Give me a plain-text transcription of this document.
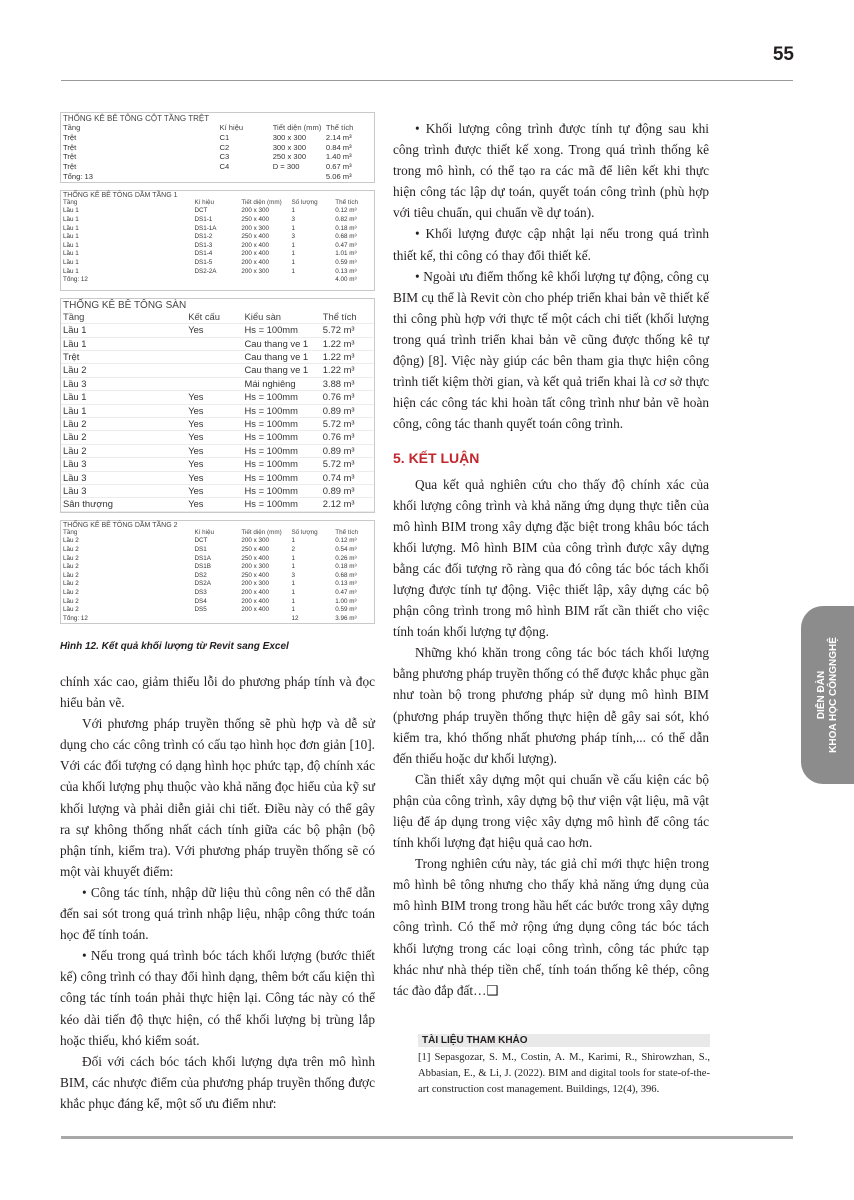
55
THỐNG KÊ BÊ TÔNG CỘT TẦNG TRỆT
Tầng	Kí hiệu	Tiết diện (mm)	Thể tích
Trệt	C1	300 x 300	2.14 m³
Trệt	C2	300 x 300	0.84 m³
Trệt	C3	250 x 300	1.40 m³
Trệt	C4	D = 300	0.67 m³
Tổng: 13			5.06 m³
THỐNG KÊ BÊ TÔNG DẦM TẦNG 1
Tầng	Kí hiệu	Tiết diện (mm)	Số lượng	Thể tích
Lầu 1	DCT	200 x 300	1	0.12 m³
Lầu 1	DS1-1	250 x 400	3	0.82 m³
Lầu 1	DS1-1A	200 x 300	1	0.18 m³
Lầu 1	DS1-2	250 x 400	3	0.68 m³
Lầu 1	DS1-3	200 x 400	1	0.47 m³
Lầu 1	DS1-4	200 x 400	1	1.01 m³
Lầu 1	DS1-5	200 x 400	1	0.59 m³
Lầu 1	DS2-2A	200 x 300	1	0.13 m³
Tổng: 12				4.00 m³
THỐNG KÊ BÊ TÔNG SÀN
Tầng	Kết cấu	Kiểu sàn	Thể tích
Lầu 1	Yes	Hs = 100mm	5.72 m³
Lầu 1		Cau thang ve 1	1.22 m³
Trệt		Cau thang ve 1	1.22 m³
Lầu 2		Cau thang ve 1	1.22 m³
Lầu 3		Mái nghiêng	3.88 m³
Lầu 1	Yes	Hs = 100mm	0.76 m³
Lầu 1	Yes	Hs = 100mm	0.89 m³
Lầu 2	Yes	Hs = 100mm	5.72 m³
Lầu 2	Yes	Hs = 100mm	0.76 m³
Lầu 2	Yes	Hs = 100mm	0.89 m³
Lầu 3	Yes	Hs = 100mm	5.72 m³
Lầu 3	Yes	Hs = 100mm	0.74 m³
Lầu 3	Yes	Hs = 100mm	0.89 m³
Sân thượng	Yes	Hs = 100mm	2.12 m³
THỐNG KÊ BÊ TÔNG DẦM TẦNG 2
Tầng	Kí hiệu	Tiết diện (mm)	Số lượng	Thể tích
Lầu 2	DCT	200 x 300	1	0.12 m³
Lầu 2	DS1	250 x 400	2	0.54 m³
Lầu 2	DS1A	250 x 400	1	0.26 m³
Lầu 2	DS1B	200 x 300	1	0.18 m³
Lầu 2	DS2	250 x 400	3	0.68 m³
Lầu 2	DS2A	200 x 300	1	0.13 m³
Lầu 2	DS3	200 x 400	1	0.47 m³
Lầu 2	DS4	200 x 400	1	1.00 m³
Lầu 2	DS5	200 x 400	1	0.59 m³
Tổng: 12			12	3.96 m³
Hình 12. Kết quả khối lượng từ Revit sang Excel

chính xác cao, giảm thiểu lỗi do phương pháp tính và đọc hiểu bản vẽ.

Với phương pháp truyền thống sẽ phù hợp và dễ sử dụng cho các công trình có cấu tạo hình học đơn giản [10]. Với các đối tượng có dạng hình học phức tạp, độ chính xác của khối lượng phụ thuộc vào khả năng đọc hiểu của kỹ sư khối lượng và phải diễn giải chi tiết. Điều này có thể gây ra sự không thống nhất cách tính giữa các bộ phận (bộ phận tính, kiểm tra). Với phương pháp truyền thống sẽ có một vài khuyết điểm:

• Công tác tính, nhập dữ liệu thủ công nên có thể dẫn đến sai sót trong quá trình nhập liệu, nhập công thức toán học để tính toán.

• Nếu trong quá trình bóc tách khối lượng (bước thiết kế) công trình có thay đổi hình dạng, thêm bớt cấu kiện thì công tác tính toán phải thực hiện lại. Công tác này có thể kéo dài tiến độ thực hiện, có thể khối lượng bị trùng lắp hoặc thiếu, khó kiểm soát.

Đối với cách bóc tách khối lượng dựa trên mô hình BIM, các nhược điểm của phương pháp truyền thống được khắc phục đáng kể, một số ưu điểm như:

• Khối lượng công trình được tính tự động sau khi công trình được thiết kế xong. Trong quá trình thống kê trong mô hình, có thể tạo ra các mã để liên kết khi thực hiện công tác lập dự toán, quyết toán công trình (phù hợp với tiêu chuẩn, qui chuẩn về dự toán).

• Khối lượng được cập nhật lại nếu trong quá trình thiết kế, thi công có thay đổi thiết kế.

• Ngoài ưu điểm thống kê khối lượng tự động, công cụ BIM cụ thể là Revit còn cho phép triển khai bản vẽ thiết kế thi công phù hợp với thực tế một cách chi tiết (khối lượng trong quá trình triển khai bản vẽ cũng được thống kê tự động) [8]. Việc này giúp các bên tham gia thực hiện công trình tiết kiệm thời gian, và kết quả triển khai là cơ sở thực hiện các công tác khi hoàn tất công trình như bản vẽ hoàn công, công tác thanh quyết toán công trình.

5. KẾT LUẬN

Qua kết quả nghiên cứu cho thấy độ chính xác của khối lượng công trình và khả năng ứng dụng thực tiễn của mô hình BIM trong xây dựng đặc biệt trong khâu bóc tách khối lượng. Mô hình BIM của công trình được xây dựng bằng các đối tượng rõ ràng qua đó công tác bóc tách khối lượng được tính tự động. Việc thiết lập, xây dựng các bộ phận công trình trong mô hình BIM rất cần thiết cho việc tính toán khối lượng tự động.

Những khó khăn trong công tác bóc tách khối lượng bằng phương pháp truyền thống có thể được khắc phục gần như toàn bộ trong phương pháp sử dụng mô hình BIM (phương pháp truyền thống thực hiện dễ gây sai sót, khó kiểm tra, khó thống nhất phương pháp tính,... có thể dẫn đến thiếu hoặc dư khối lượng).

Cần thiết xây dựng một qui chuẩn về cấu kiện các bộ phận của công trình, xây dựng bộ thư viện vật liệu, mã vật liệu để áp dụng trong việc xây dựng mô hình để công tác tính khối lượng đạt hiệu quả cao hơn.

Trong nghiên cứu này, tác giả chỉ mới thực hiện trong mô hình bê tông nhưng cho thấy khả năng ứng dụng của mô hình BIM trong trong hầu hết các bước trong xây dựng công trình. Có thể mở rộng ứng dụng công tác bóc tách khối lượng trong các loại công trình, công tác phức tạp khác như nhà thép tiền chế, tính toán thống kê thép, công tác đào đắp đất…❑

TÀI LIỆU THAM KHẢO
[1] Sepasgozar, S. M., Costin, A. M., Karimi, R., Shirowzhan, S., Abbasian, E., & Li, J. (2022). BIM and digital tools for state-of-the-art construction cost management. Buildings, 12(4), 396.
DIỄN ĐÀN KHOA HỌC CÔNGNGHỆ
